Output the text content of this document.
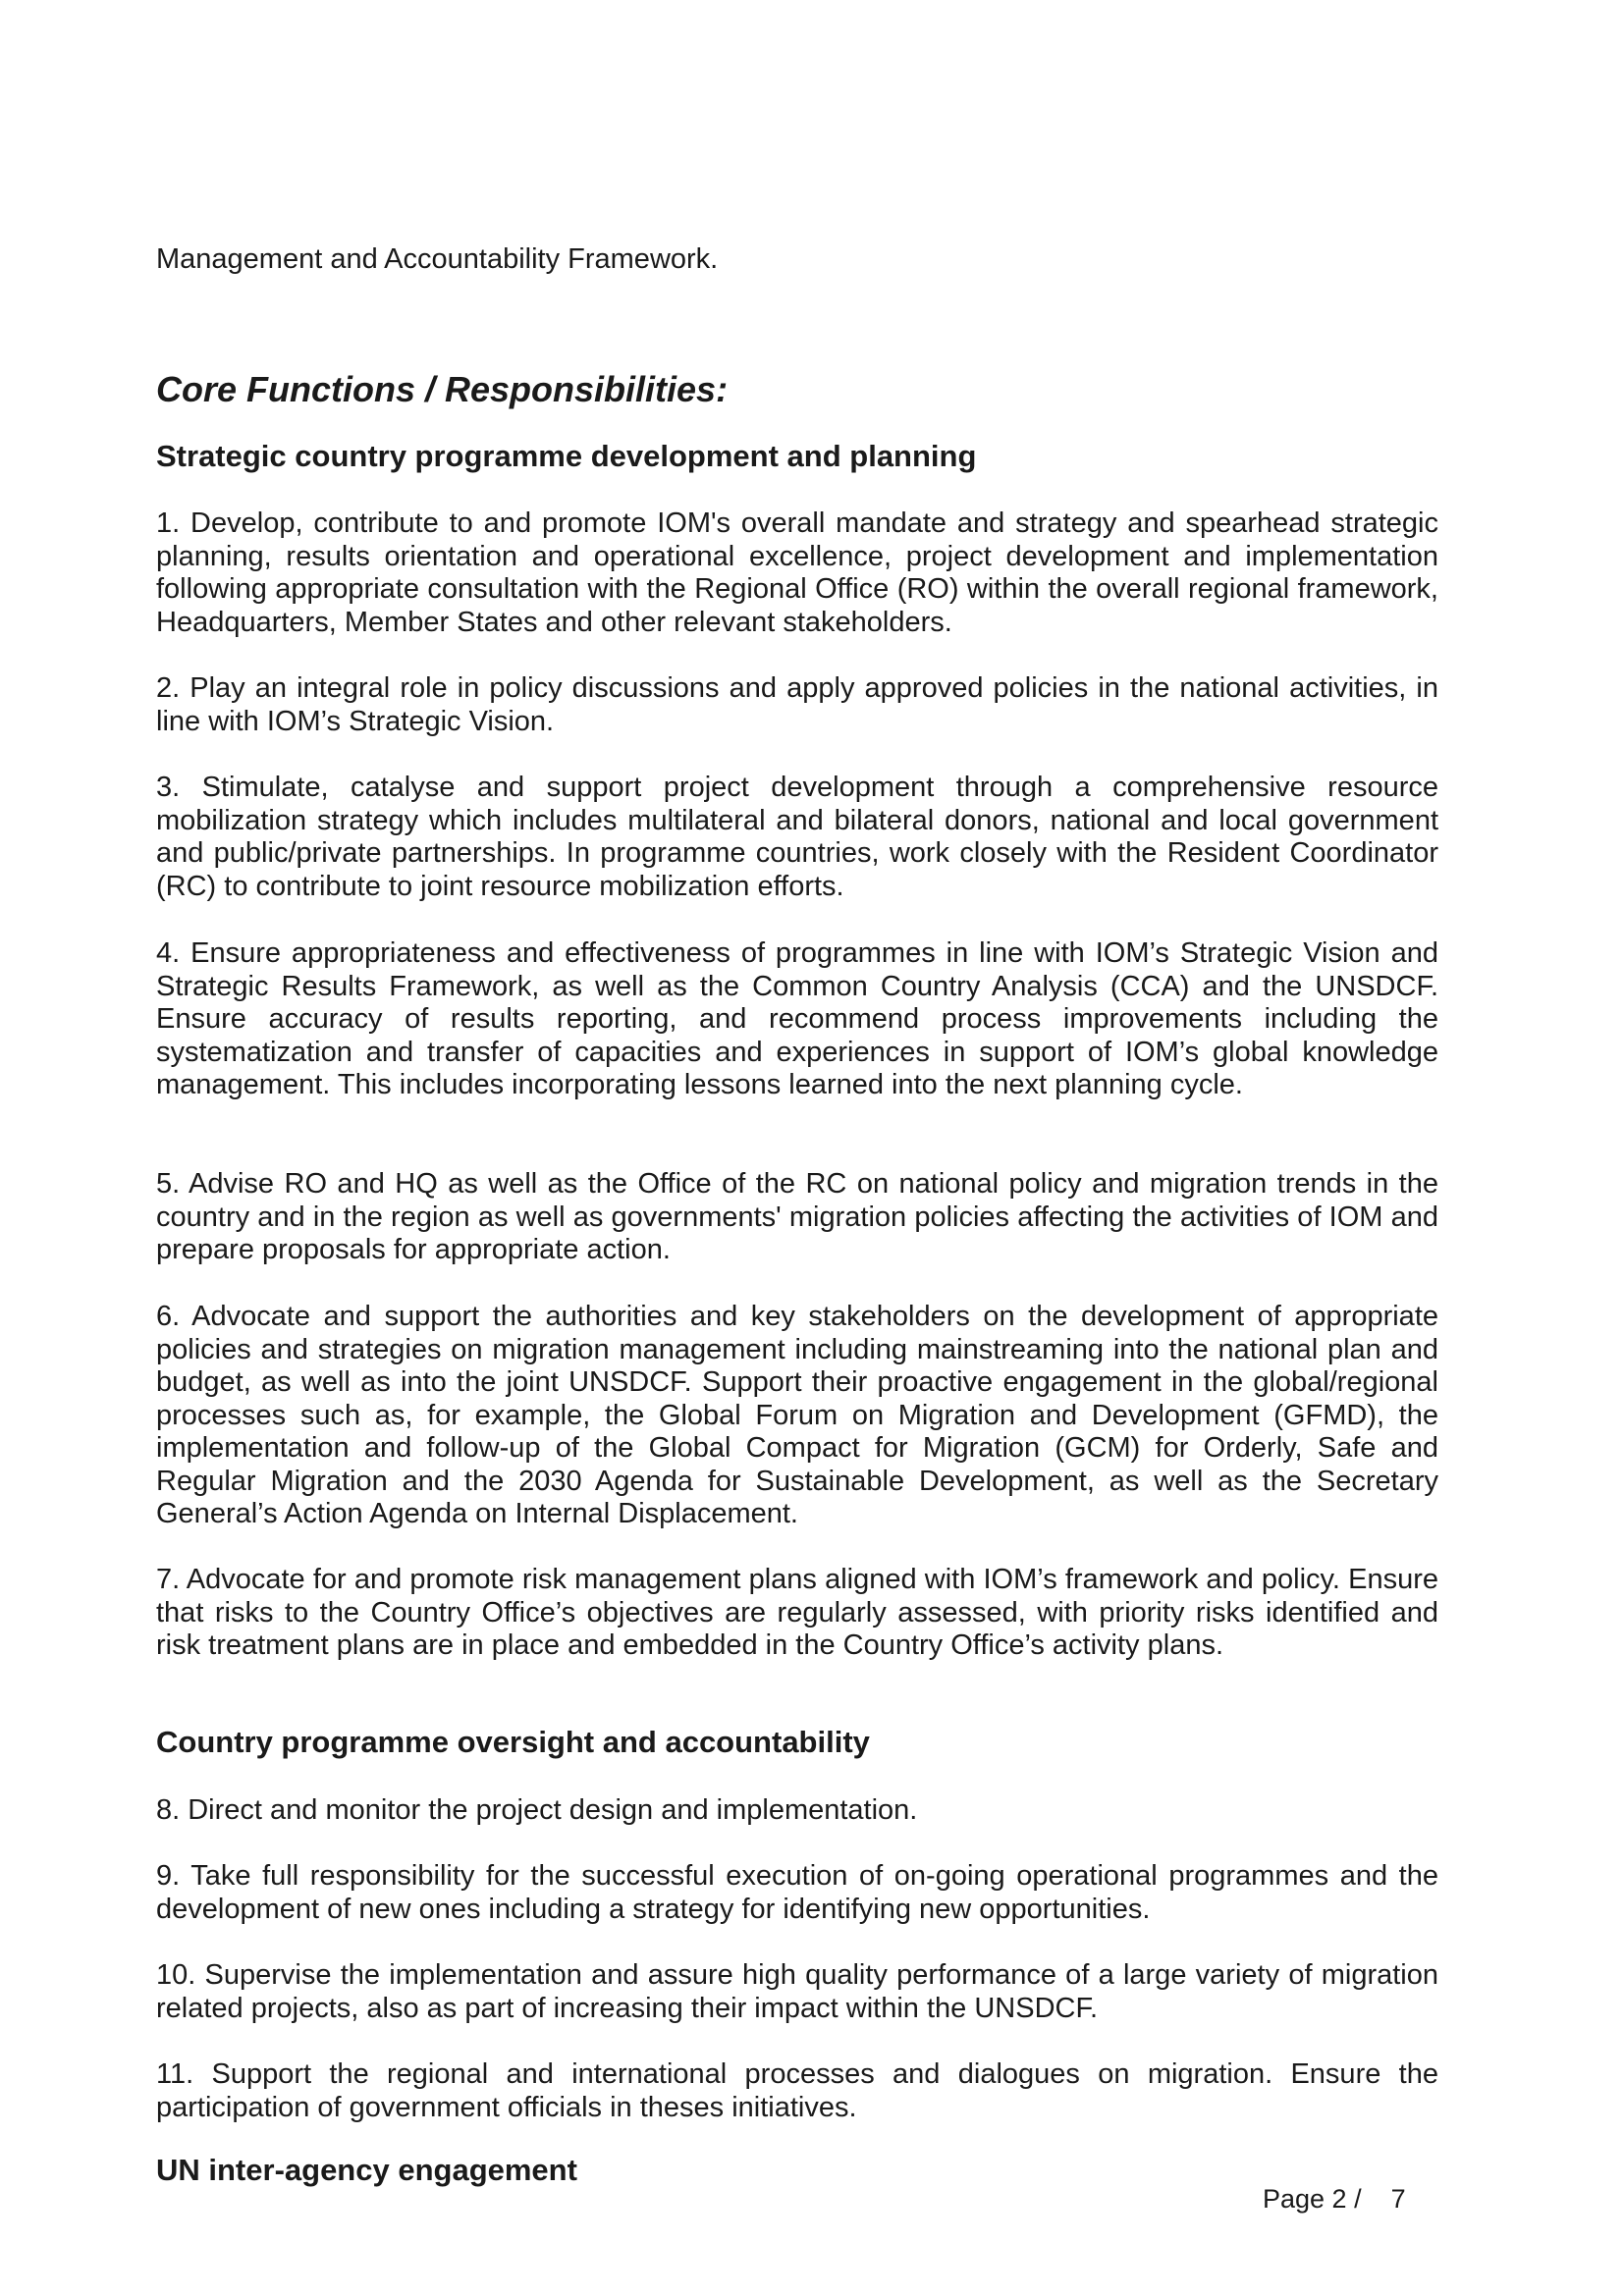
Management and Accountability Framework.
Core Functions / Responsibilities:
Strategic country programme development and planning
1. Develop, contribute to and promote IOM's overall mandate and strategy and spearhead strategic planning, results orientation and operational excellence, project development and implementation following appropriate consultation with the Regional Office (RO) within the overall regional framework, Headquarters, Member States and other relevant stakeholders.
2. Play an integral role in policy discussions and apply approved policies in the national activities, in line with IOM’s Strategic Vision.
3. Stimulate, catalyse and support project development through a comprehensive resource mobilization strategy which includes multilateral and bilateral donors, national and local government and public/private partnerships. In programme countries, work closely with the Resident Coordinator (RC) to contribute to joint resource mobilization efforts.
4. Ensure appropriateness and effectiveness of programmes in line with IOM’s Strategic Vision and Strategic Results Framework, as well as the Common Country Analysis (CCA) and the UNSDCF. Ensure accuracy of results reporting, and recommend process improvements including the systematization and transfer of capacities and experiences in support of IOM’s global knowledge management. This includes incorporating lessons learned into the next planning cycle.
5. Advise RO and HQ as well as the Office of the RC on national policy and migration trends in the country and in the region as well as governments' migration policies affecting the activities of IOM and prepare proposals for appropriate action.
6. Advocate and support the authorities and key stakeholders on the development of appropriate policies and strategies on migration management including mainstreaming into the national plan and budget, as well as into the joint UNSDCF. Support their proactive engagement in the global/regional processes such as, for example, the Global Forum on Migration and Development (GFMD), the implementation and follow-up of the Global Compact for Migration (GCM) for Orderly, Safe and Regular Migration and the 2030 Agenda for Sustainable Development, as well as the Secretary General’s Action Agenda on Internal Displacement.
7. Advocate for and promote risk management plans aligned with IOM’s framework and policy. Ensure that risks to the Country Office’s objectives are regularly assessed, with priority risks identified and risk treatment plans are in place and embedded in the Country Office’s activity plans.
Country programme oversight and accountability
8. Direct and monitor the project design and implementation.
9. Take full responsibility for the successful execution of on-going operational programmes and the development of new ones including a strategy for identifying new opportunities.
10. Supervise the implementation and assure high quality performance of a large variety of migration related projects, also as part of increasing their impact within the UNSDCF.
11. Support the regional and international processes and dialogues on migration. Ensure the participation of government officials in theses initiatives.
UN inter-agency engagement
Page 2 /    7
